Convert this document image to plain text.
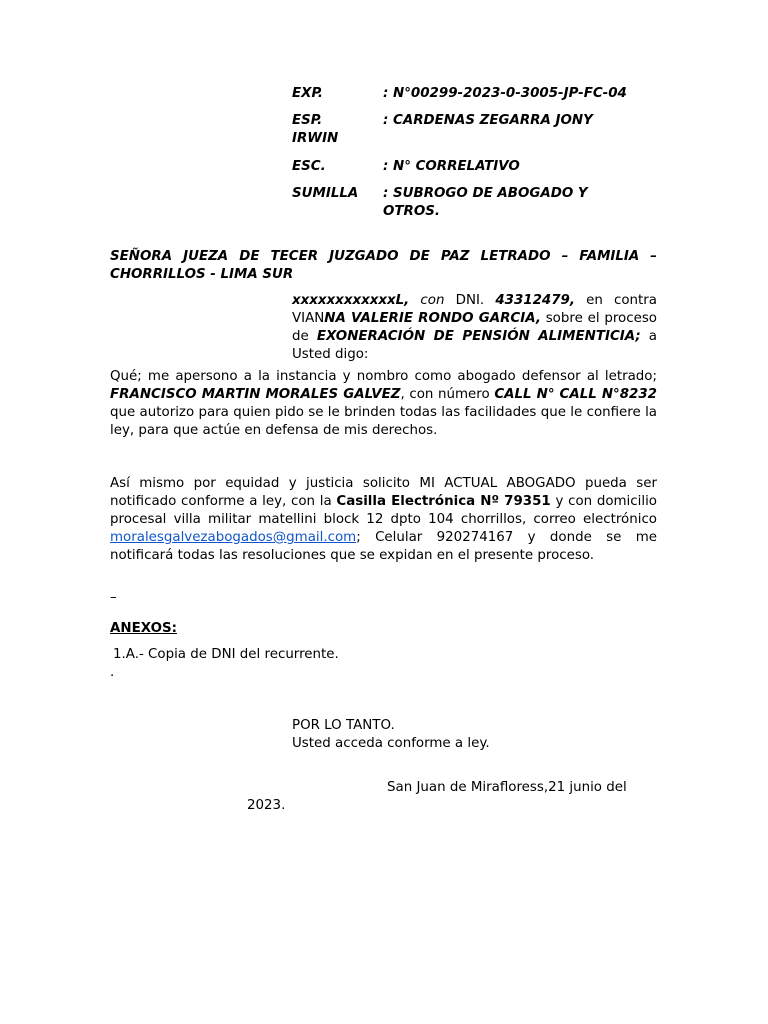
EXP.	: N°00299-2023-0-3005-JP-FC-04
ESP.	: CARDENAS ZEGARRA JONY
IRWIN
ESC.	: N° CORRELATIVO
SUMILLA	: SUBROGO DE ABOGADO Y
OTROS.
SEÑORA JUEZA DE TECER JUZGADO DE PAZ LETRADO – FAMILIA –
CHORRILLOS - LIMA SUR
xxxxxxxxxxxxL, con DNI. 43312479, en contra VIANNA VALERIE RONDO GARCIA, sobre el proceso de EXONERACIÓN DE PENSIÓN ALIMENTICIA; a Usted digo:
Qué; me apersono a la instancia y nombro como abogado defensor al letrado; FRANCISCO MARTIN MORALES GALVEZ, con número CALL N° CALL N°8232 que autorizo para quien pido se le brinden todas las facilidades que le confiere la ley, para que actúe en defensa de mis derechos.
Así mismo por equidad y justicia solicito MI ACTUAL ABOGADO pueda ser notificado conforme a ley, con la Casilla Electrónica Nº 79351 y con domicilio procesal villa militar matellini block 12 dpto 104 chorrillos, correo electrónico moralesgalvezabogados@gmail.com; Celular 920274167 y donde se me notificará todas las resoluciones que se expidan en el presente proceso.
–
ANEXOS:
1.A.- Copia de DNI del recurrente.
.
POR LO TANTO.
Usted acceda conforme a ley.
San Juan de Mirafloress,21 junio del
2023.
